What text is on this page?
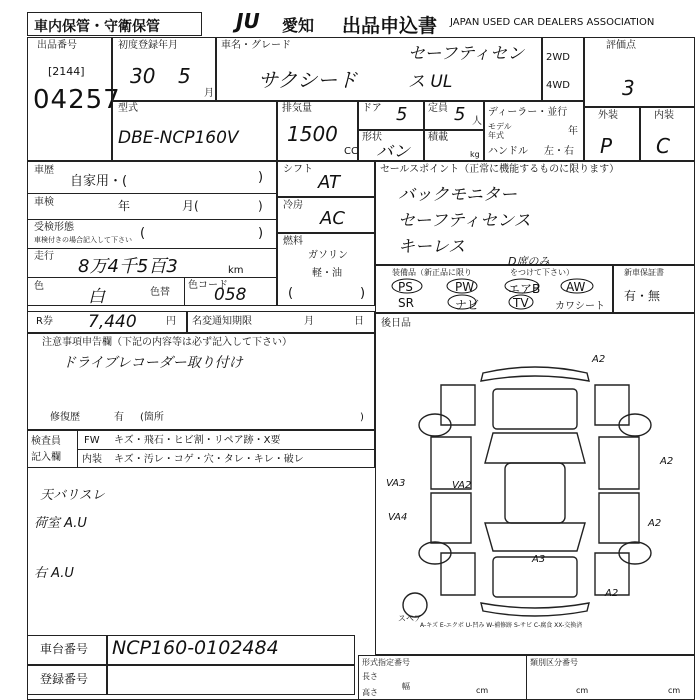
車内保管・守衛保管	JU 愛知 出品申込書 JAPAN USED CAR DEALERS ASSOCIATION
出品番号
[2144]
04257
初度登録年月
30 5
月
車名・グレード
サクシード
セーフティセンス UL
2WD
4WD
評価点
3
型式
DBE-NCP160V
排気量
1500
CC
ドア 5 定員 5 人
形状
バン
積載
kg
ディーラー・並行
モデル
年式	年
ハンドル 左・右
外装
P
内装
C
車歴
自家用・(	)
車検	年	月(	)
受検形態
車検付きの場合記入して下さい (	)
走行 8万4千5百3	km
色
白	色替
色コード
058
シフト
AT
冷房
AC
燃料
ガソリン
軽・油
(	)
セールスポイント（正常に機能するものに限ります）
バックモニター
セーフティセンス
キーレス
D席のみ
装備品（新正品に限り	をつけて下さい）
PS	PW	エアB AW
SR	ナビ	TV	カワシート
新車保証書
有・無
R券 7,440	円 名変通知期限	月	日
注意事項申告欄（下記の内容等は必ず記入して下さい）
ドライブレコーダー取り付け
修復歴	有 (箇所	)
検査員
記入欄
FW キズ・飛石・ヒビ割・リペア跡・X要
内装 キズ・汚レ・コゲ・穴・タレ・キレ・破レ
天バリスレ
荷室 A.U
右 A.U
後日品
A2
A2
VA3	VA2
A2
VA4
A3
A2
スペア
A-キズ E-エクボ U-凹み W-補修跡 S-サビ C-腐食 XX-交換済
車台番号 NCP160-0102484
登録番号
形式指定番号	類別区分番号
長さ
幅
高さ	cm	cm	cm
